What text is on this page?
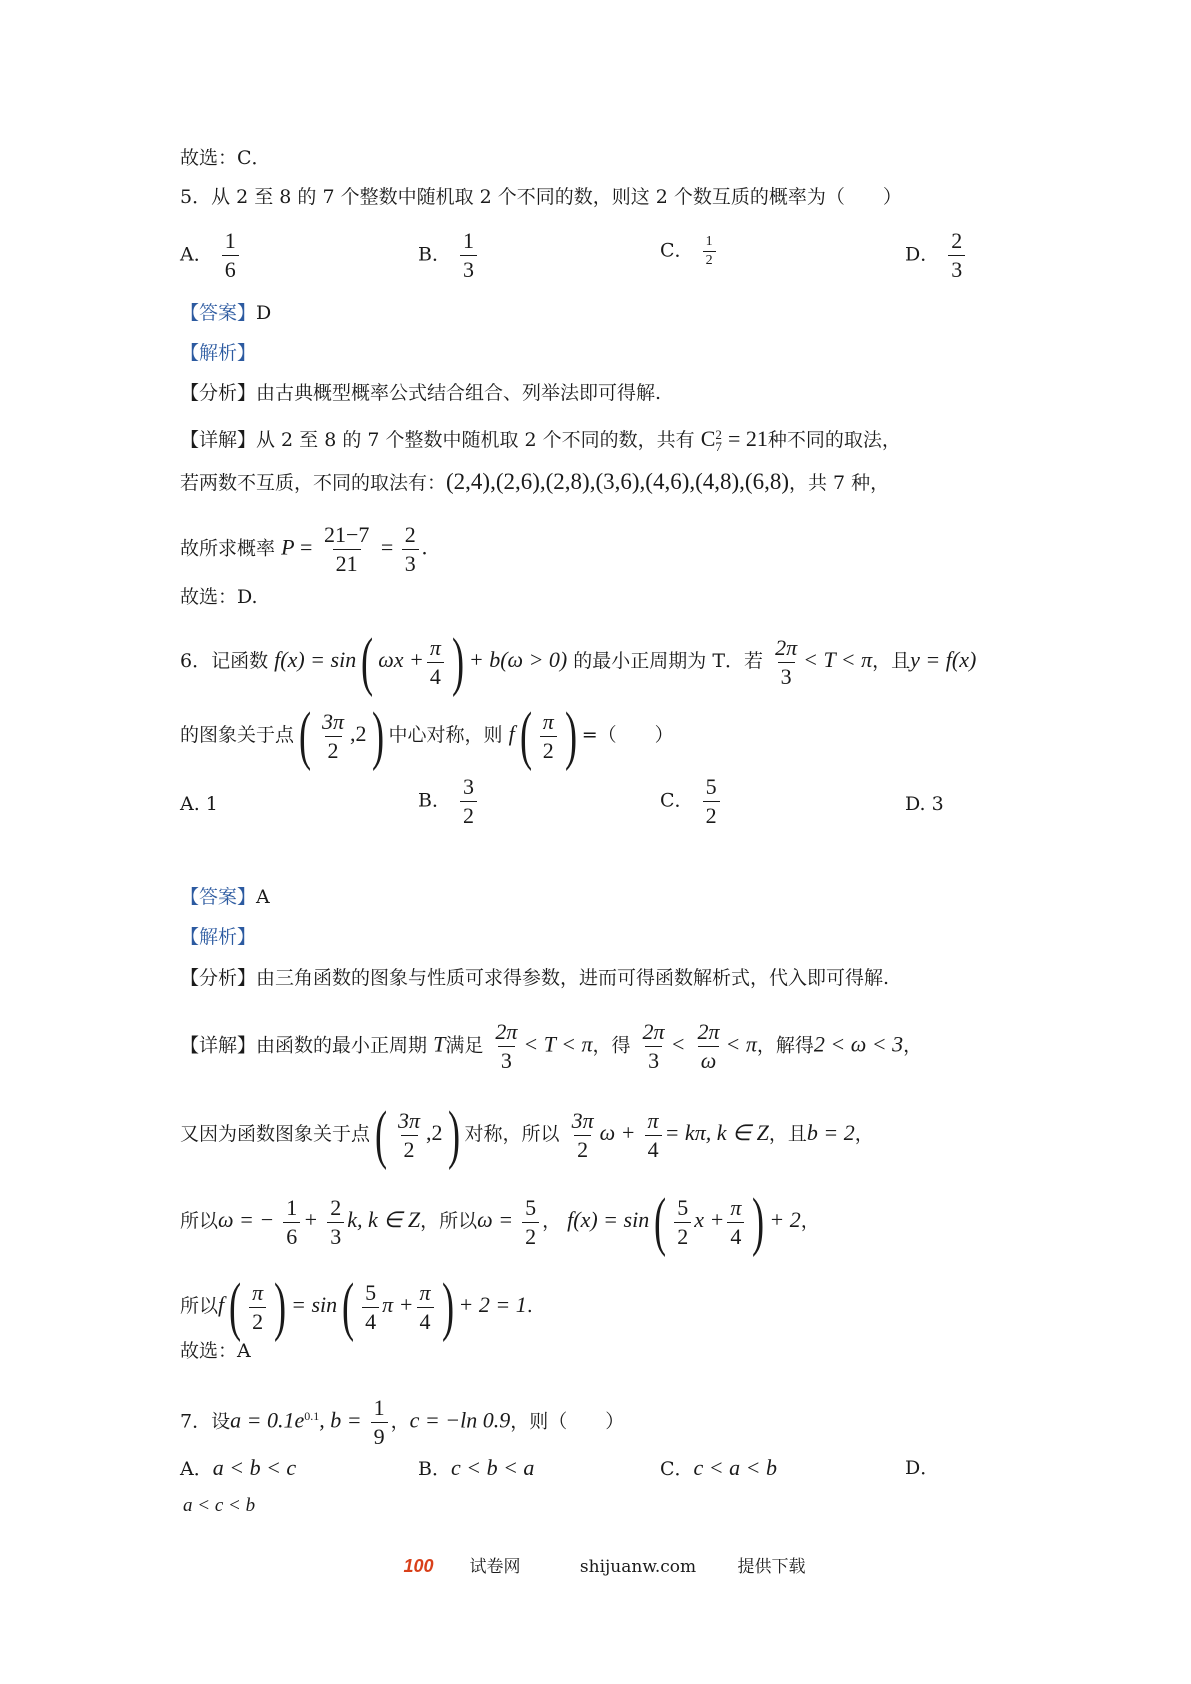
故选：C．
5．从 2 至 8 的 7 个整数中随机取 2 个不同的数，则这 2 个数互质的概率为（　　）
A． $\frac{1}{6}$	B． $\frac{1}{3}$	C． $\frac{1}{2}$	D． $\frac{2}{3}$
【答案】D
【解析】
【分析】由古典概型概率公式结合组合、列举法即可得解.
【详解】从 2 至 8 的 7 个整数中随机取 2 个不同的数，共有 C 2
7 = 21种不同的取法，
若两数不互质，不同的取法有：(2,4),(2,6),(2,8),(3,6),(4,6),(4,8),(6,8)，共 7 种，
故所求概率 $P = \frac{21-7}{21} = \frac{2}{3}$ .
故选：D.
6．记函数 f(x) = sin( $\omega x + \frac{\pi}{4}$ ) + b(ω > 0) 的最小正周期为 T．若 $\frac{2\pi}{3} < T < \pi$，且y = f(x)
的图象关于点( $\frac{3\pi}{2} ,2$) 中心对称，则 $f( \frac{\pi}{2}$ ) =（　　）
A. 1	B． $\frac{3}{2}$	C． $\frac{5}{2}$	D. 3
【答案】A
【解析】
【分析】由三角函数的图象与性质可求得参数，进而可得函数解析式，代入即可得解.
【详解】由函数的最小正周期 T满足 $\frac{2\pi}{3} < T < \pi$，得 $\frac{2\pi}{3} < \frac{2\pi}{\omega} < \pi$，解得2 < ω < 3，
又因为函数图象关于点( $\frac{3\pi}{2} ,2$) 对称，所以 $\frac{3\pi}{2}$ $\omega + \frac{\pi}{4} = k\pi$, k ∈ Z，且b = 2，
所以ω = − $\frac{1}{6} + \frac{2}{3} k$, k ∈ Z，所以$\omega = \frac{5}{2}$ ， $f(x) = \sin( \frac{5}{2}$ $x + \frac{\pi}{4}$ ) + 2，
所以$f( \frac{\pi}{2}$ ) = $\sin( \frac{5}{4}$ $\pi + \frac{\pi}{4}$ ) + 2 = 1.
故选：A
7．设$a = 0.1e^{0.1}$, $b = \frac{1}{9}$ ，c = −ln 0.9，则（　　）
A．a < b < c	B．c < b < a	C．c < a < b	D．
a < c < b
100 试卷网	shijuanw.com 提供下载
